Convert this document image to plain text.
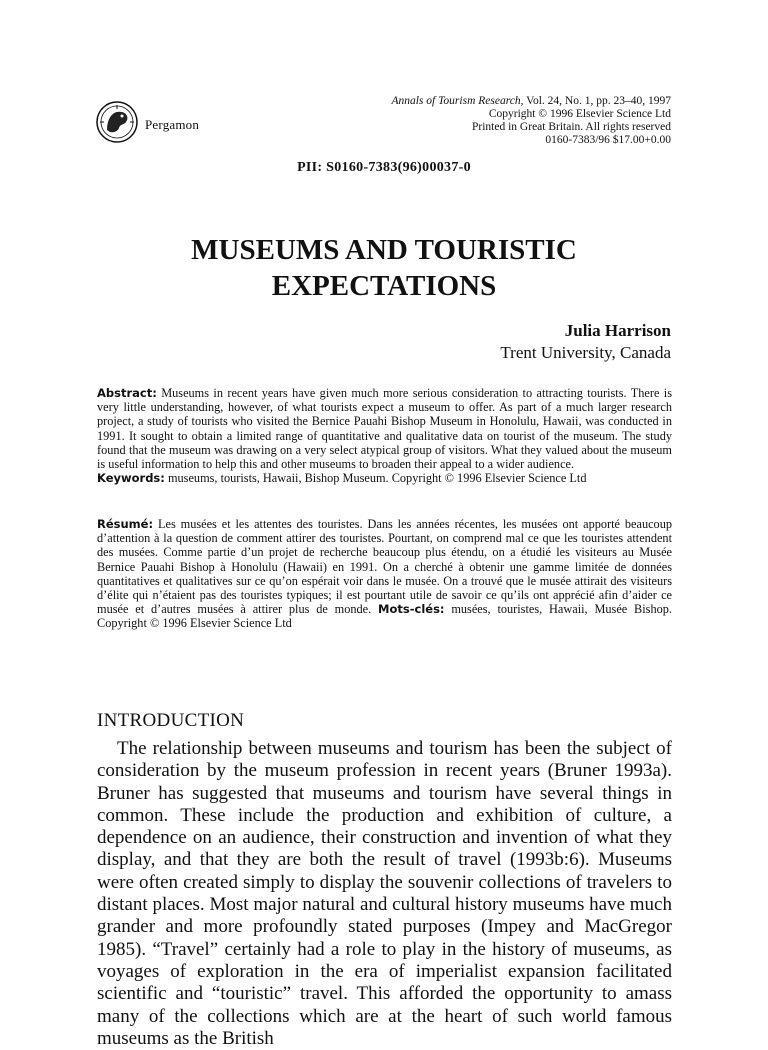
Pergamon
Annals of Tourism Research, Vol. 24, No. 1, pp. 23–40, 1997
Copyright © 1996 Elsevier Science Ltd
Printed in Great Britain. All rights reserved
0160-7383/96 $17.00+0.00
PII: S0160-7383(96)00037-0
MUSEUMS AND TOURISTIC
EXPECTATIONS
Julia Harrison
Trent University, Canada
Abstract: Museums in recent years have given much more serious consideration to attracting tourists. There is very little understanding, however, of what tourists expect a museum to offer. As part of a much larger research project, a study of tourists who visited the Bernice Pauahi Bishop Museum in Honolulu, Hawaii, was conducted in 1991. It sought to obtain a limited range of quantitative and qualitative data on tourist of the museum. The study found that the museum was drawing on a very select atypical group of visitors. What they valued about the museum is useful information to help this and other museums to broaden their appeal to a wider audience.
Keywords: museums, tourists, Hawaii, Bishop Museum. Copyright © 1996 Elsevier Science Ltd
Résumé: Les musées et les attentes des touristes. Dans les années récentes, les musées ont apporté beaucoup d’attention à la question de comment attirer des touristes. Pourtant, on comprend mal ce que les touristes attendent des musées. Comme partie d’un projet de recherche beaucoup plus étendu, on a étudié les visiteurs au Musée Bernice Pauahi Bishop à Honolulu (Hawaii) en 1991. On a cherché à obtenir une gamme limitée de données quantitatives et qualitatives sur ce qu’on espérait voir dans le musée. On a trouvé que le musée attirait des visiteurs d’élite qui n’étaient pas des touristes typiques; il est pourtant utile de savoir ce qu’ils ont apprécié afin d’aider ce musée et d’autres musées à attirer plus de monde. Mots-clés: musées, touristes, Hawaii, Musée Bishop. Copyright © 1996 Elsevier Science Ltd
INTRODUCTION
The relationship between museums and tourism has been the subject of consideration by the museum profession in recent years (Bruner 1993a). Bruner has suggested that museums and tourism have several things in common. These include the production and exhibition of culture, a dependence on an audience, their construction and invention of what they display, and that they are both the result of travel (1993b:6). Museums were often created simply to display the souvenir collections of travelers to distant places. Most major natural and cultural history museums have much grander and more profoundly stated purposes (Impey and MacGregor 1985). “Travel” certainly had a role to play in the history of museums, as voyages of exploration in the era of imperialist expansion facilitated scientific and “touristic” travel. This afforded the opportunity to amass many of the collections which are at the heart of such world famous museums as the British
